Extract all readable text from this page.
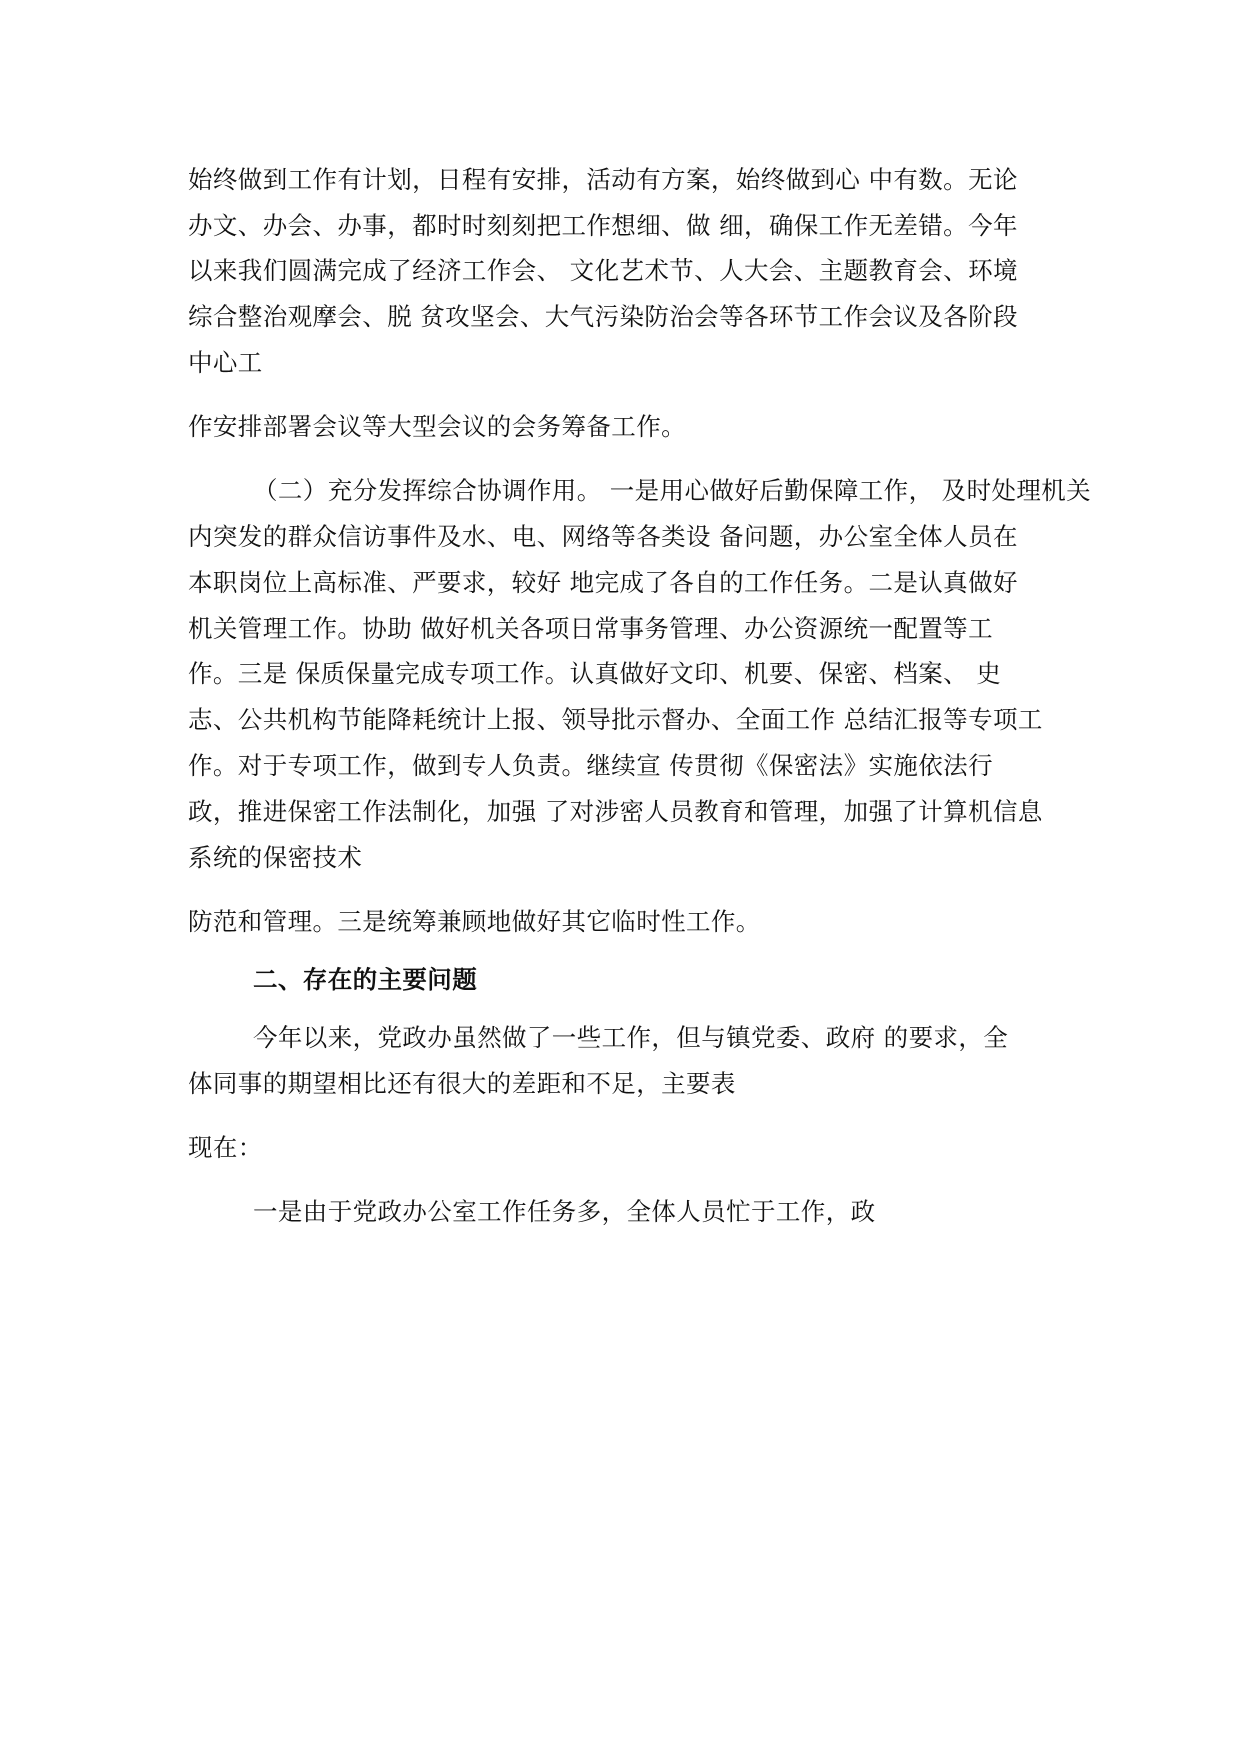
始终做到工作有计划，日程有安排，活动有方案，始终做到心 中有数。无论
办文、办会、办事，都时时刻刻把工作想细、做 细，确保工作无差错。今年
以来我们圆满完成了经济工作会、 文化艺术节、人大会、主题教育会、环境
综合整治观摩会、脱 贫攻坚会、大气污染防治会等各环节工作会议及各阶段
中心工
作安排部署会议等大型会议的会务筹备工作。
（二）充分发挥综合协调作用。 一是用心做好后勤保障工作， 及时处理机关
内突发的群众信访事件及水、电、网络等各类设 备问题，办公室全体人员在
本职岗位上高标准、严要求，较好 地完成了各自的工作任务。二是认真做好
机关管理工作。协助 做好机关各项日常事务管理、办公资源统一配置等工
作。三是 保质保量完成专项工作。认真做好文印、机要、保密、档案、 史
志、公共机构节能降耗统计上报、领导批示督办、全面工作 总结汇报等专项工
作。对于专项工作，做到专人负责。继续宣 传贯彻《保密法》实施依法行
政，推进保密工作法制化，加强 了对涉密人员教育和管理，加强了计算机信息
系统的保密技术
防范和管理。三是统筹兼顾地做好其它临时性工作。
二、存在的主要问题
今年以来，党政办虽然做了一些工作，但与镇党委、政府 的要求，全
体同事的期望相比还有很大的差距和不足，主要表
现在：
一是由于党政办公室工作任务多，全体人员忙于工作，政
